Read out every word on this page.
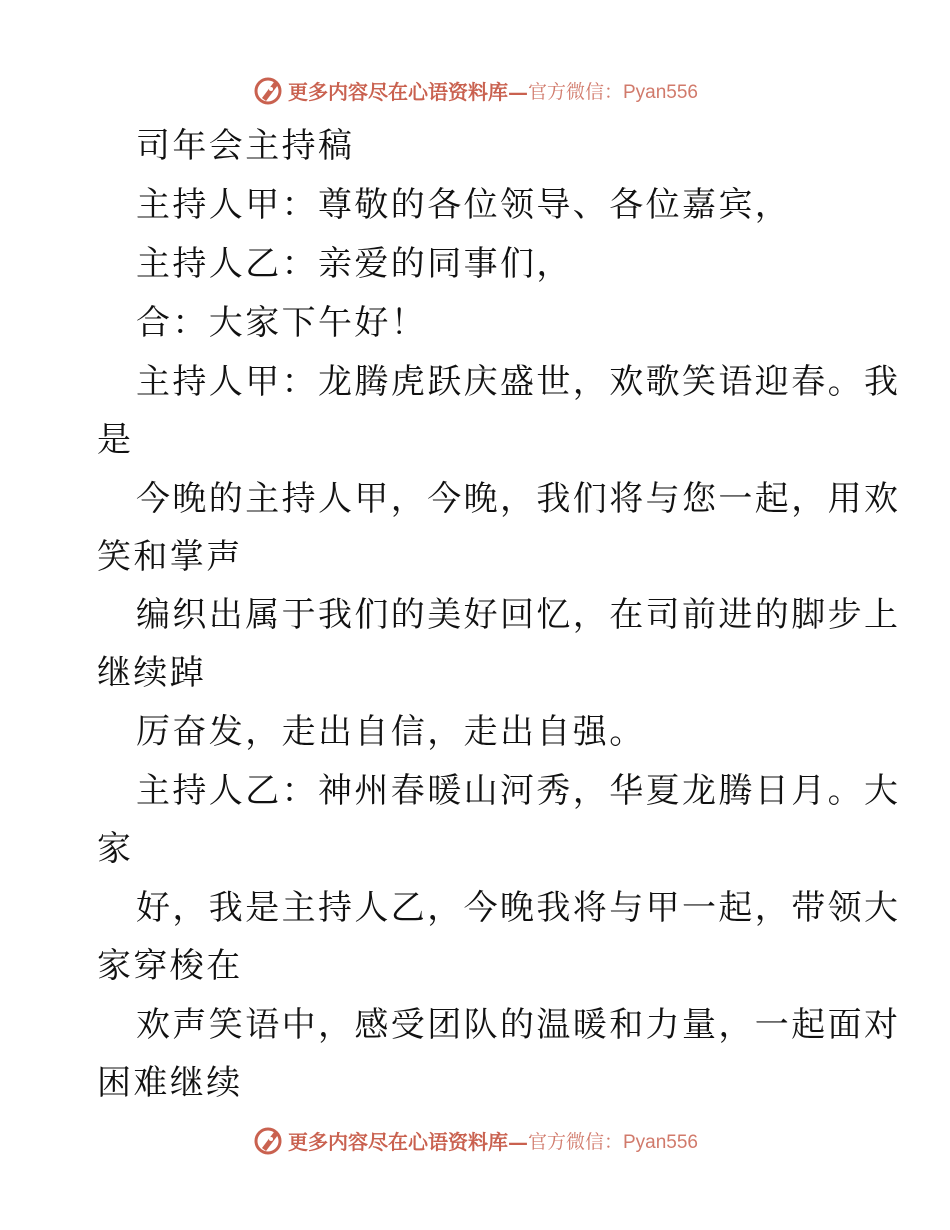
更多内容尽在心语资料库— 官方微信：Pyan556
司年会主持稿
主持人甲：尊敬的各位领导、各位嘉宾，
主持人乙：亲爱的同事们，
合：大家下午好！
主持人甲：龙腾虎跃庆盛世，欢歌笑语迎春。我
是
今晚的主持人甲，今晚，我们将与您一起，用欢
笑和掌声
编织出属于我们的美好回忆，在司前进的脚步上
继续踔
厉奋发，走出自信，走出自强。
主持人乙：神州春暖山河秀，华夏龙腾日月。大
家
好，我是主持人乙，今晚我将与甲一起，带领大
家穿梭在
欢声笑语中，感受团队的温暖和力量，一起面对
困难继续
更多内容尽在心语资料库— 官方微信：Pyan556
